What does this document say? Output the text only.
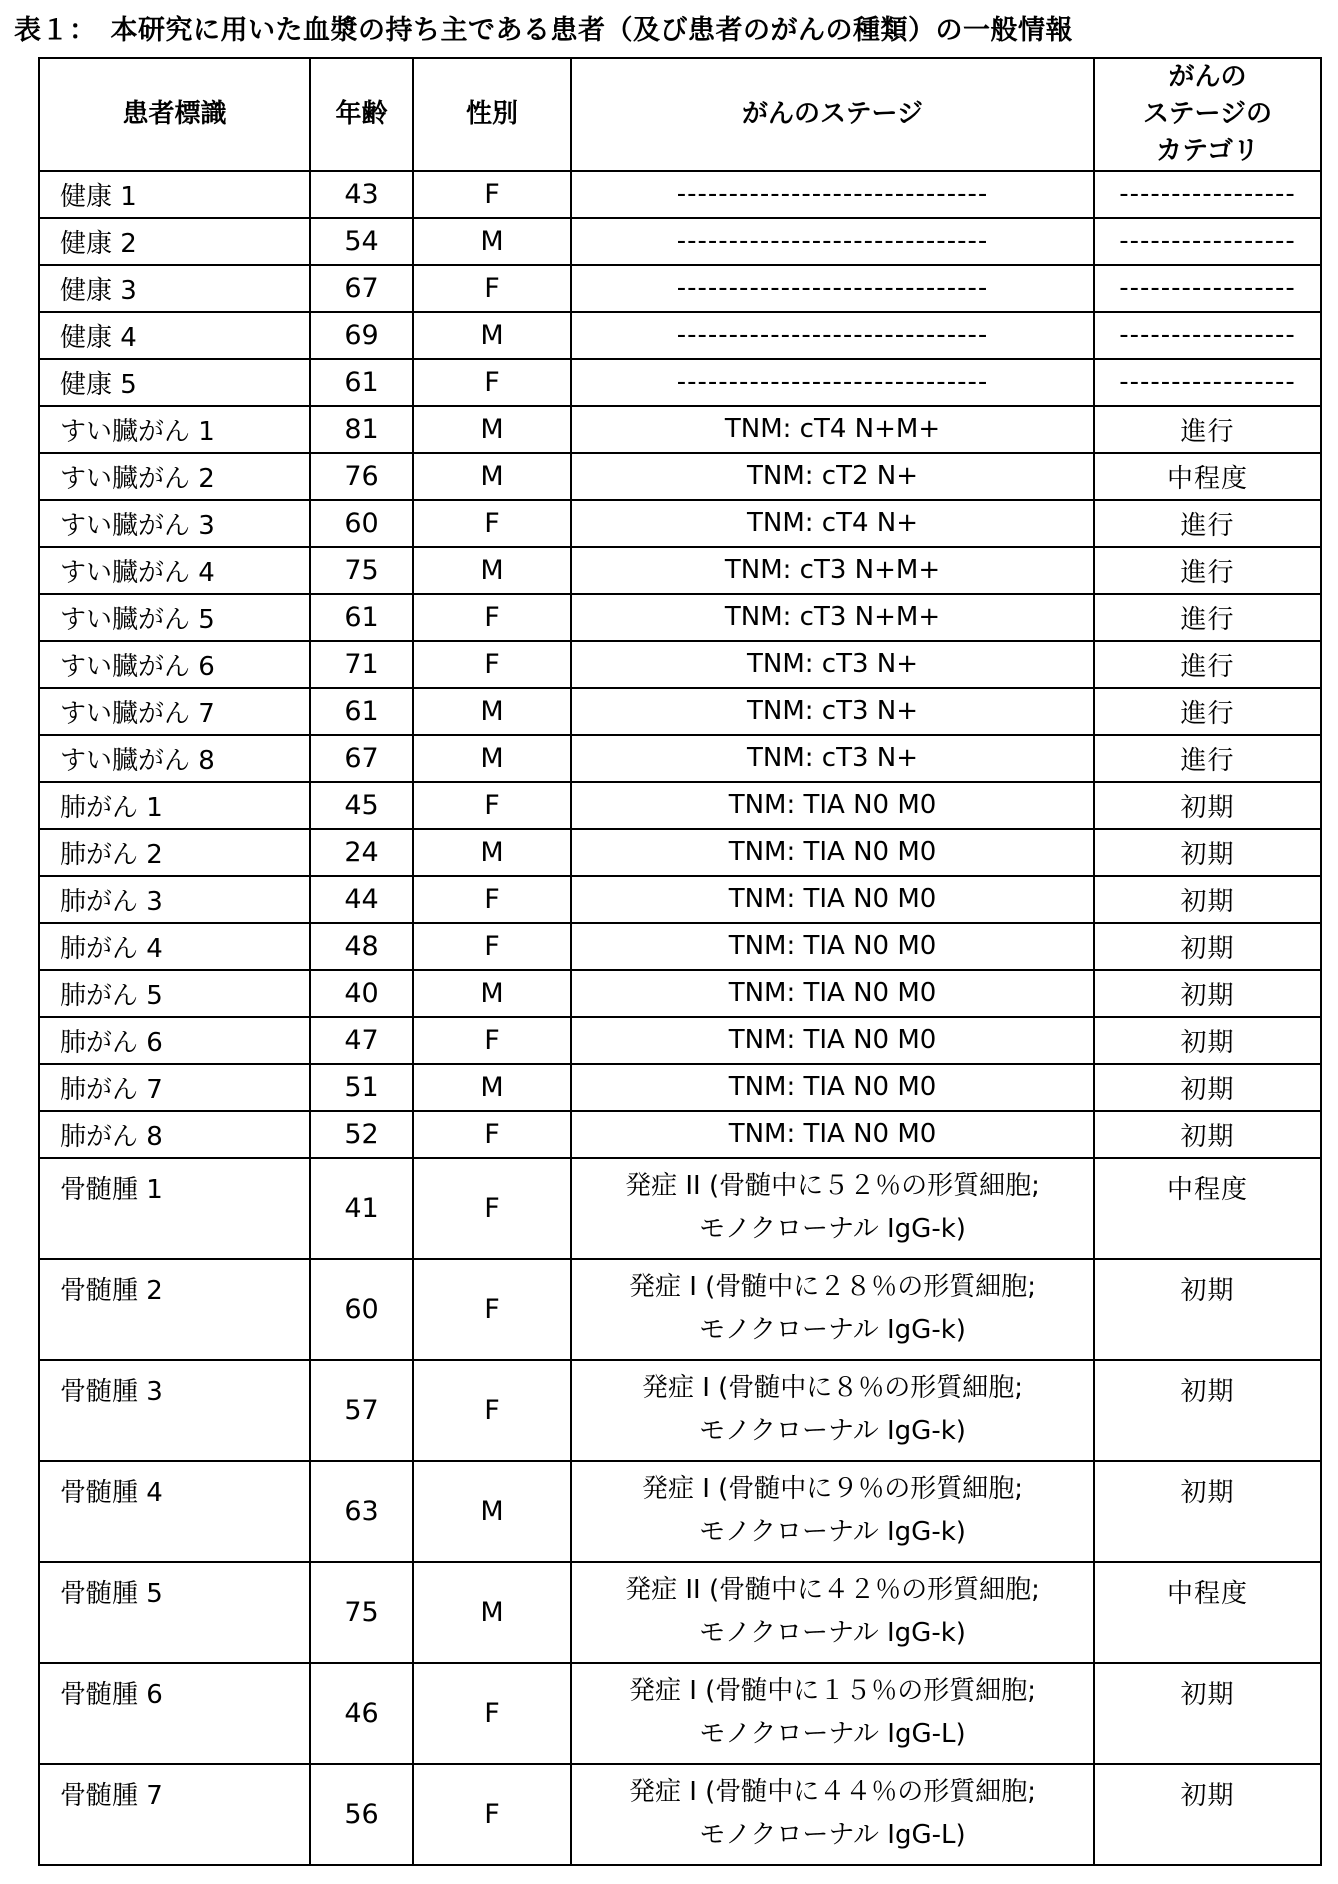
表１：　本研究に用いた血漿の持ち主である患者（及び患者のがんの種類）の一般情報
患者標識	年齢	性別	がんのステージ	がんの
ステージの
カテゴリ
健康 1	43	F	------------------------------	-----------------
健康 2	54	M	------------------------------	-----------------
健康 3	67	F	------------------------------	-----------------
健康 4	69	M	------------------------------	-----------------
健康 5	61	F	------------------------------	-----------------
すい臓がん 1	81	M	TNM: cT4 N+M+	進行
すい臓がん 2	76	M	TNM: cT2 N+	中程度
すい臓がん 3	60	F	TNM: cT4 N+	進行
すい臓がん 4	75	M	TNM: cT3 N+M+	進行
すい臓がん 5	61	F	TNM: cT3 N+M+	進行
すい臓がん 6	71	F	TNM: cT3 N+	進行
すい臓がん 7	61	M	TNM: cT3 N+	進行
すい臓がん 8	67	M	TNM: cT3 N+	進行
肺がん 1	45	F	TNM: TIA N0 M0	初期
肺がん 2	24	M	TNM: TIA N0 M0	初期
肺がん 3	44	F	TNM: TIA N0 M0	初期
肺がん 4	48	F	TNM: TIA N0 M0	初期
肺がん 5	40	M	TNM: TIA N0 M0	初期
肺がん 6	47	F	TNM: TIA N0 M0	初期
肺がん 7	51	M	TNM: TIA N0 M0	初期
肺がん 8	52	F	TNM: TIA N0 M0	初期
骨髄腫 1	41	F	発症 II (骨髄中に５２％の形質細胞;
モノクローナル IgG-k)	中程度
骨髄腫 2	60	F	発症 I (骨髄中に２８％の形質細胞;
モノクローナル IgG-k)	初期
骨髄腫 3	57	F	発症 I (骨髄中に８％の形質細胞;
モノクローナル IgG-k)	初期
骨髄腫 4	63	M	発症 I (骨髄中に９％の形質細胞;
モノクローナル IgG-k)	初期
骨髄腫 5	75	M	発症 II (骨髄中に４２％の形質細胞;
モノクローナル IgG-k)	中程度
骨髄腫 6	46	F	発症 I (骨髄中に１５％の形質細胞;
モノクローナル IgG-L)	初期
骨髄腫 7	56	F	発症 I (骨髄中に４４％の形質細胞;
モノクローナル IgG-L)	初期
